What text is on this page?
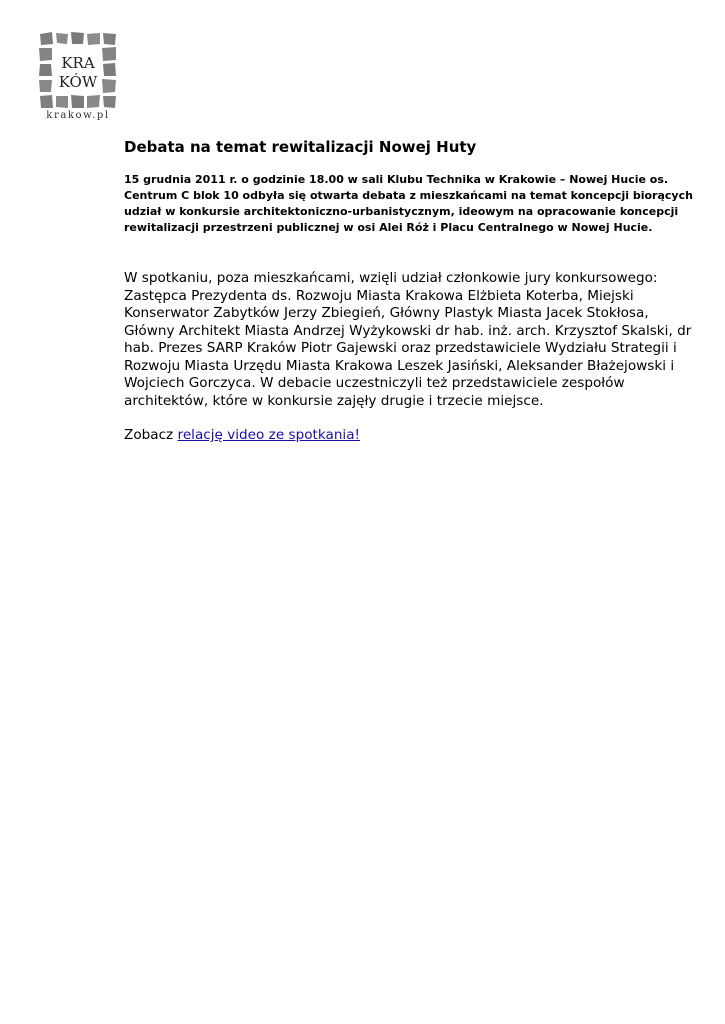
KRA
KÓW
krakow.pl
Debata na temat rewitalizacji Nowej Huty

15 grudnia 2011 r. o godzinie 18.00 w sali Klubu Technika w Krakowie – Nowej Hucie os. Centrum C blok 10 odbyła się otwarta debata z mieszkańcami na temat koncepcji biorących udział w konkursie architektoniczno-urbanistycznym, ideowym na opracowanie koncepcji rewitalizacji przestrzeni publicznej w osi Alei Róż i Placu Centralnego w Nowej Hucie.

W spotkaniu, poza mieszkańcami, wzięli udział członkowie jury konkursowego: Zastępca Prezydenta ds. Rozwoju Miasta Krakowa Elżbieta Koterba, Miejski Konserwator Zabytków Jerzy Zbiegień, Główny Plastyk Miasta Jacek Stokłosa, Główny Architekt Miasta Andrzej Wyżykowski dr hab. inż. arch. Krzysztof Skalski, dr hab. Prezes SARP Kraków Piotr Gajewski oraz przedstawiciele Wydziału Strategii i Rozwoju Miasta Urzędu Miasta Krakowa Leszek Jasiński, Aleksander Błażejowski i Wojciech Gorczyca. W debacie uczestniczyli też przedstawiciele zespołów architektów, które w konkursie zajęły drugie i trzecie miejsce.

Zobacz relację video ze spotkania!
